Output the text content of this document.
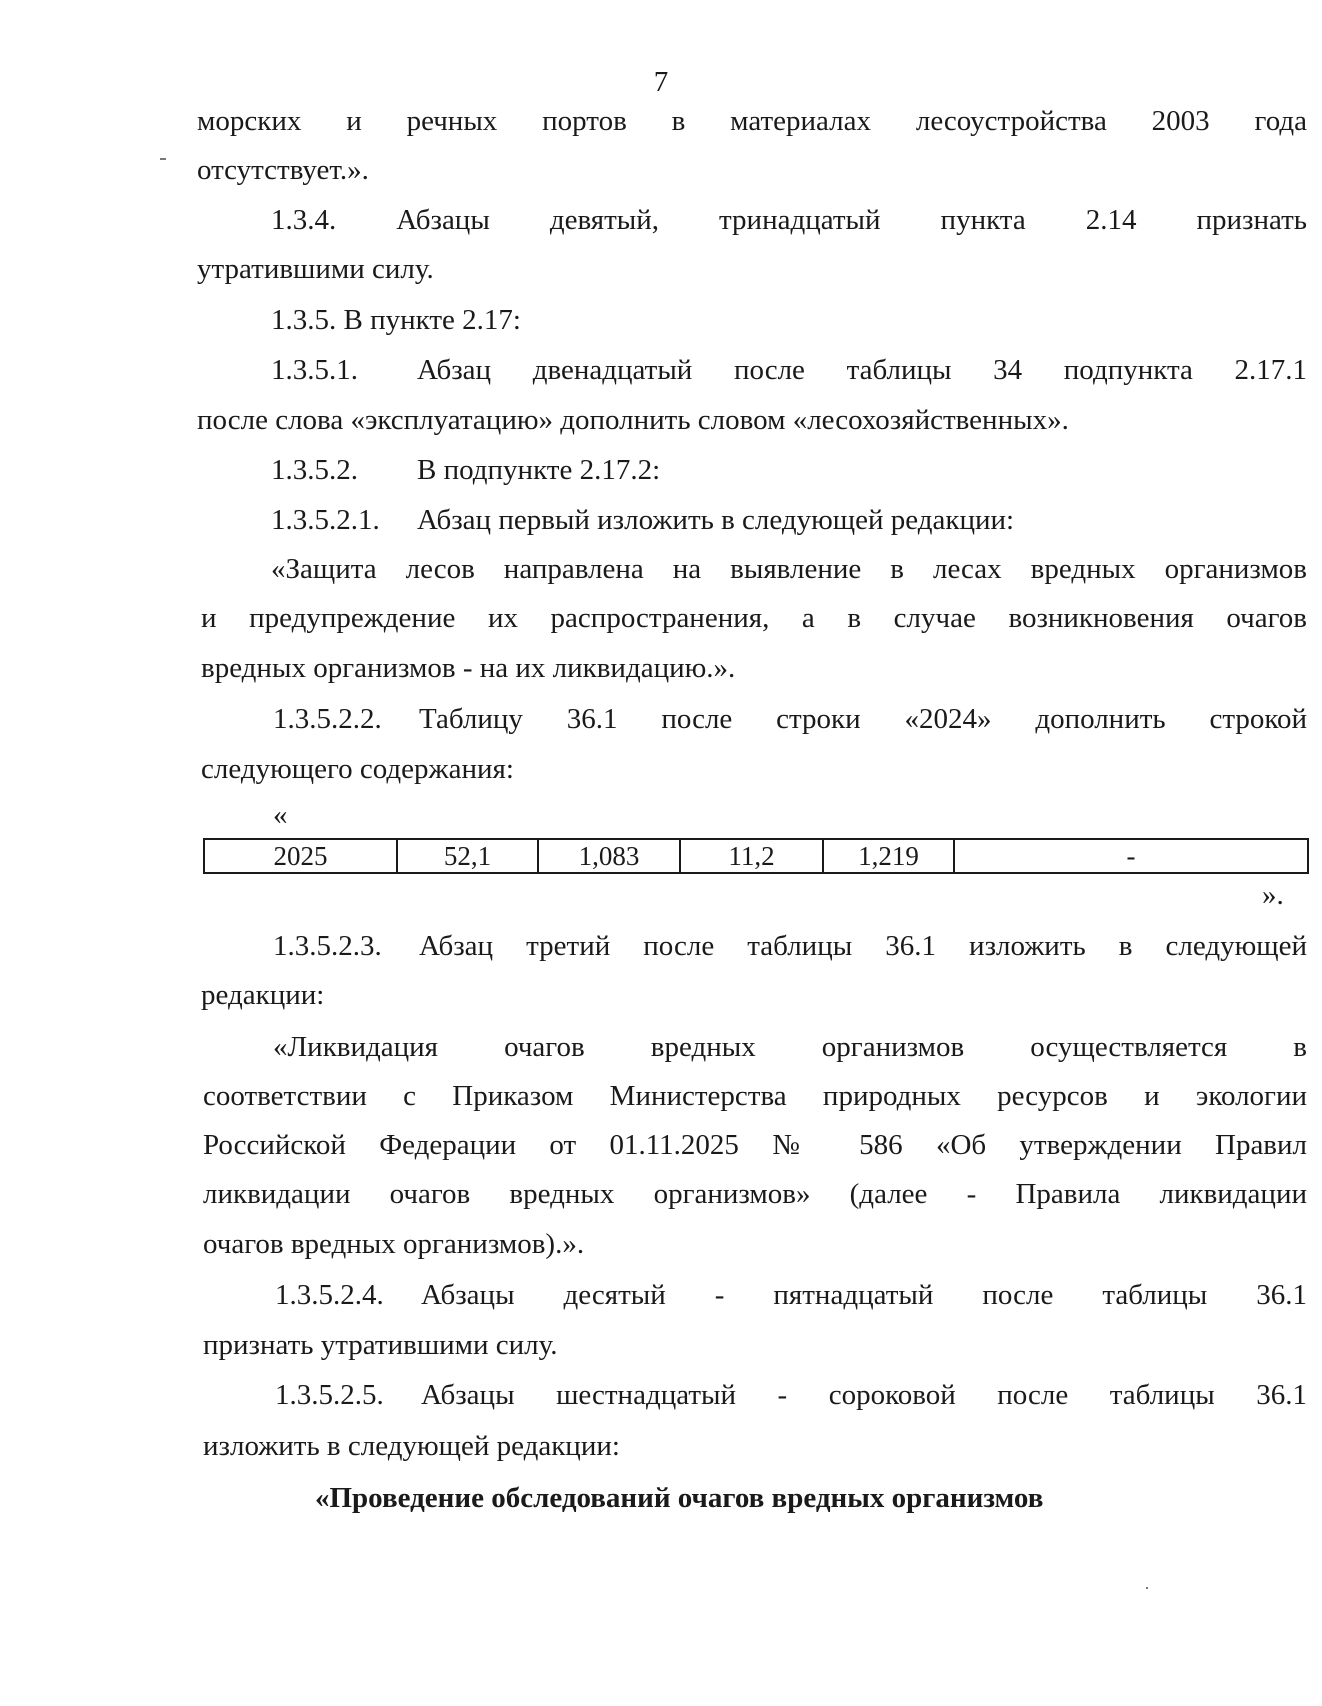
7
морских и речных портов в материалах лесоустройства 2003 года
отсутствует.».
1.3.4. Абзацы девятый, тринадцатый пункта 2.14 признать
утратившими силу.
1.3.5. В пункте 2.17:
1.3.5.1. Абзац двенадцатый после таблицы 34 подпункта 2.17.1
после слова «эксплуатацию» дополнить словом «лесохозяйственных».
1.3.5.2. В подпункте 2.17.2:
1.3.5.2.1. Абзац первый изложить в следующей редакции:
«Защита лесов направлена на выявление в лесах вредных организмов
и предупреждение их распространения, а в случае возникновения очагов
вредных организмов - на их ликвидацию.».
1.3.5.2.2. Таблицу 36.1 после строки «2024» дополнить строкой
следующего содержания:
«
2025	52,1	1,083	11,2	1,219	-
».
1.3.5.2.3. Абзац третий после таблицы 36.1 изложить в следующей
редакции:
«Ликвидация очагов вредных организмов осуществляется в
соответствии с Приказом Министерства природных ресурсов и экологии
Российской Федерации от 01.11.2025 № 586 «Об утверждении Правил
ликвидации очагов вредных организмов» (далее - Правила ликвидации
очагов вредных организмов).».
1.3.5.2.4. Абзацы десятый - пятнадцатый после таблицы 36.1
признать утратившими силу.
1.3.5.2.5. Абзацы шестнадцатый - сороковой после таблицы 36.1
изложить в следующей редакции:
«Проведение обследований очагов вредных организмов
